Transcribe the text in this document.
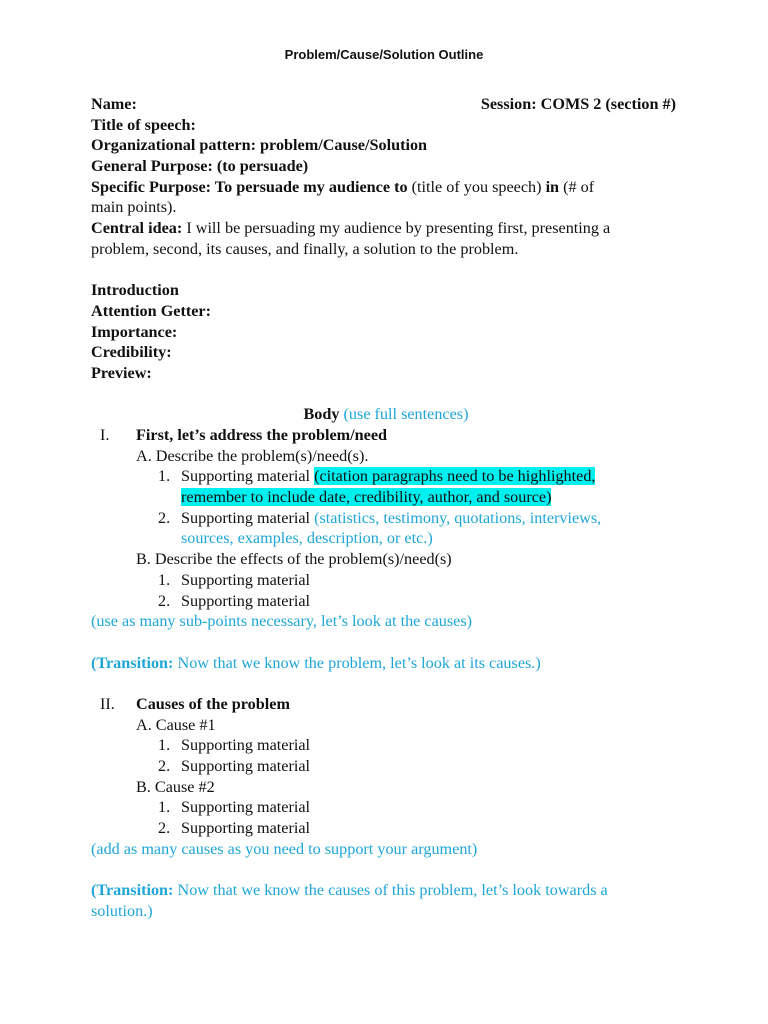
Problem/Cause/Solution Outline
Name:	Session: COMS 2 (section #)
Title of speech:
Organizational pattern: problem/Cause/Solution
General Purpose: (to persuade)
Specific Purpose: To persuade my audience to (title of you speech) in (# of
main points).
Central idea: I will be persuading my audience by presenting first, presenting a
problem, second, its causes, and finally, a solution to the problem.
Introduction
Attention Getter:
Importance:
Credibility:
Preview:
Body (use full sentences)
I. First, let’s address the problem/need
A. Describe the problem(s)/need(s).
1. Supporting material (citation paragraphs need to be highlighted,
remember to include date, credibility, author, and source)
2. Supporting material (statistics, testimony, quotations, interviews,
sources, examples, description, or etc.)
B. Describe the effects of the problem(s)/need(s)
1. Supporting material
2. Supporting material
(use as many sub-points necessary, let’s look at the causes)
(Transition: Now that we know the problem, let’s look at its causes.)
II. Causes of the problem
A. Cause #1
1. Supporting material
2. Supporting material
B. Cause #2
1. Supporting material
2. Supporting material
(add as many causes as you need to support your argument)
(Transition: Now that we know the causes of this problem, let’s look towards a
solution.)
